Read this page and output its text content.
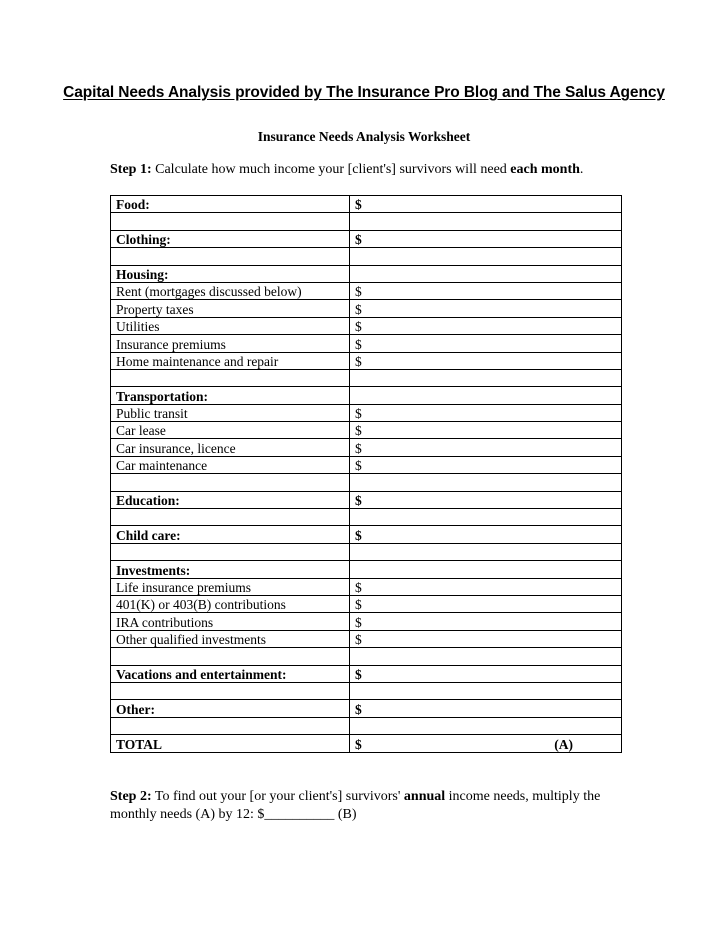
Capital Needs Analysis provided by The Insurance Pro Blog and The Salus Agency
Insurance Needs Analysis Worksheet
Step 1: Calculate how much income your [client's] survivors will need each month.
Food:	$

Clothing:	$

Housing:	
Rent (mortgages discussed below)	$
Property taxes	$
Utilities	$
Insurance premiums	$
Home maintenance and repair	$

Transportation:	
Public transit	$
Car lease	$
Car insurance, licence	$
Car maintenance	$

Education:	$

Child care:	$

Investments:	
Life insurance premiums	$
401(K) or 403(B) contributions	$
IRA contributions	$
Other qualified investments	$

Vacations and entertainment:	$

Other:	$

TOTAL	$ (A)
Step 2: To find out your [or your client's] survivors' annual income needs, multiply the monthly needs (A) by 12: $__________ (B)
